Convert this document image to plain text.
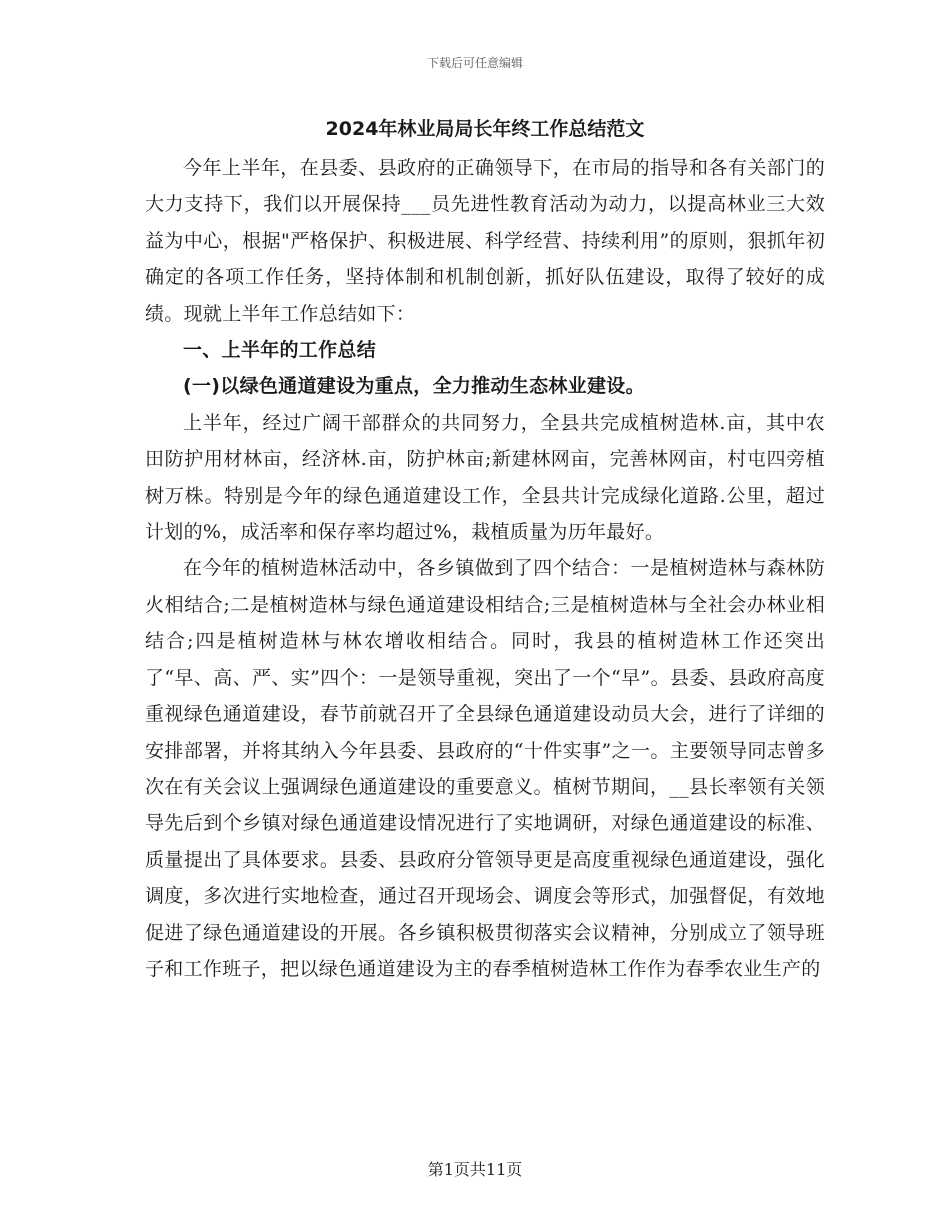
下载后可任意编辑
2024年林业局局长年终工作总结范文

今年上半年，在县委、县政府的正确领导下，在市局的指导和各有关部门的大力支持下，我们以开展保持___员先进性教育活动为动力，以提高林业三大效益为中心，根据"严格保护、积极进展、科学经营、持续利用”的原则，狠抓年初确定的各项工作任务，坚持体制和机制创新，抓好队伍建设，取得了较好的成绩。现就上半年工作总结如下：

一、上半年的工作总结

(一)以绿色通道建设为重点，全力推动生态林业建设。

上半年，经过广阔干部群众的共同努力，全县共完成植树造林.亩，其中农田防护用材林亩，经济林.亩，防护林亩;新建林网亩，完善林网亩，村屯四旁植树万株。特别是今年的绿色通道建设工作，全县共计完成绿化道路.公里，超过计划的%，成活率和保存率均超过%，栽植质量为历年最好。

在今年的植树造林活动中，各乡镇做到了四个结合：一是植树造林与森林防火相结合;二是植树造林与绿色通道建设相结合;三是植树造林与全社会办林业相结合;四是植树造林与林农增收相结合。同时，我县的植树造林工作还突出了“早、高、严、实”四个：一是领导重视，突出了一个“早”。县委、县政府高度重视绿色通道建设，春节前就召开了全县绿色通道建设动员大会，进行了详细的安排部署，并将其纳入今年县委、县政府的“十件实事”之一。主要领导同志曾多次在有关会议上强调绿色通道建设的重要意义。植树节期间，__县长率领有关领导先后到个乡镇对绿色通道建设情况进行了实地调研，对绿色通道建设的标准、质量提出了具体要求。县委、县政府分管领导更是高度重视绿色通道建设，强化调度，多次进行实地检查，通过召开现场会、调度会等形式，加强督促，有效地促进了绿色通道建设的开展。各乡镇积极贯彻落实会议精神，分别成立了领导班子和工作班子，把以绿色通道建设为主的春季植树造林工作作为春季农业生产的

第1页共11页
